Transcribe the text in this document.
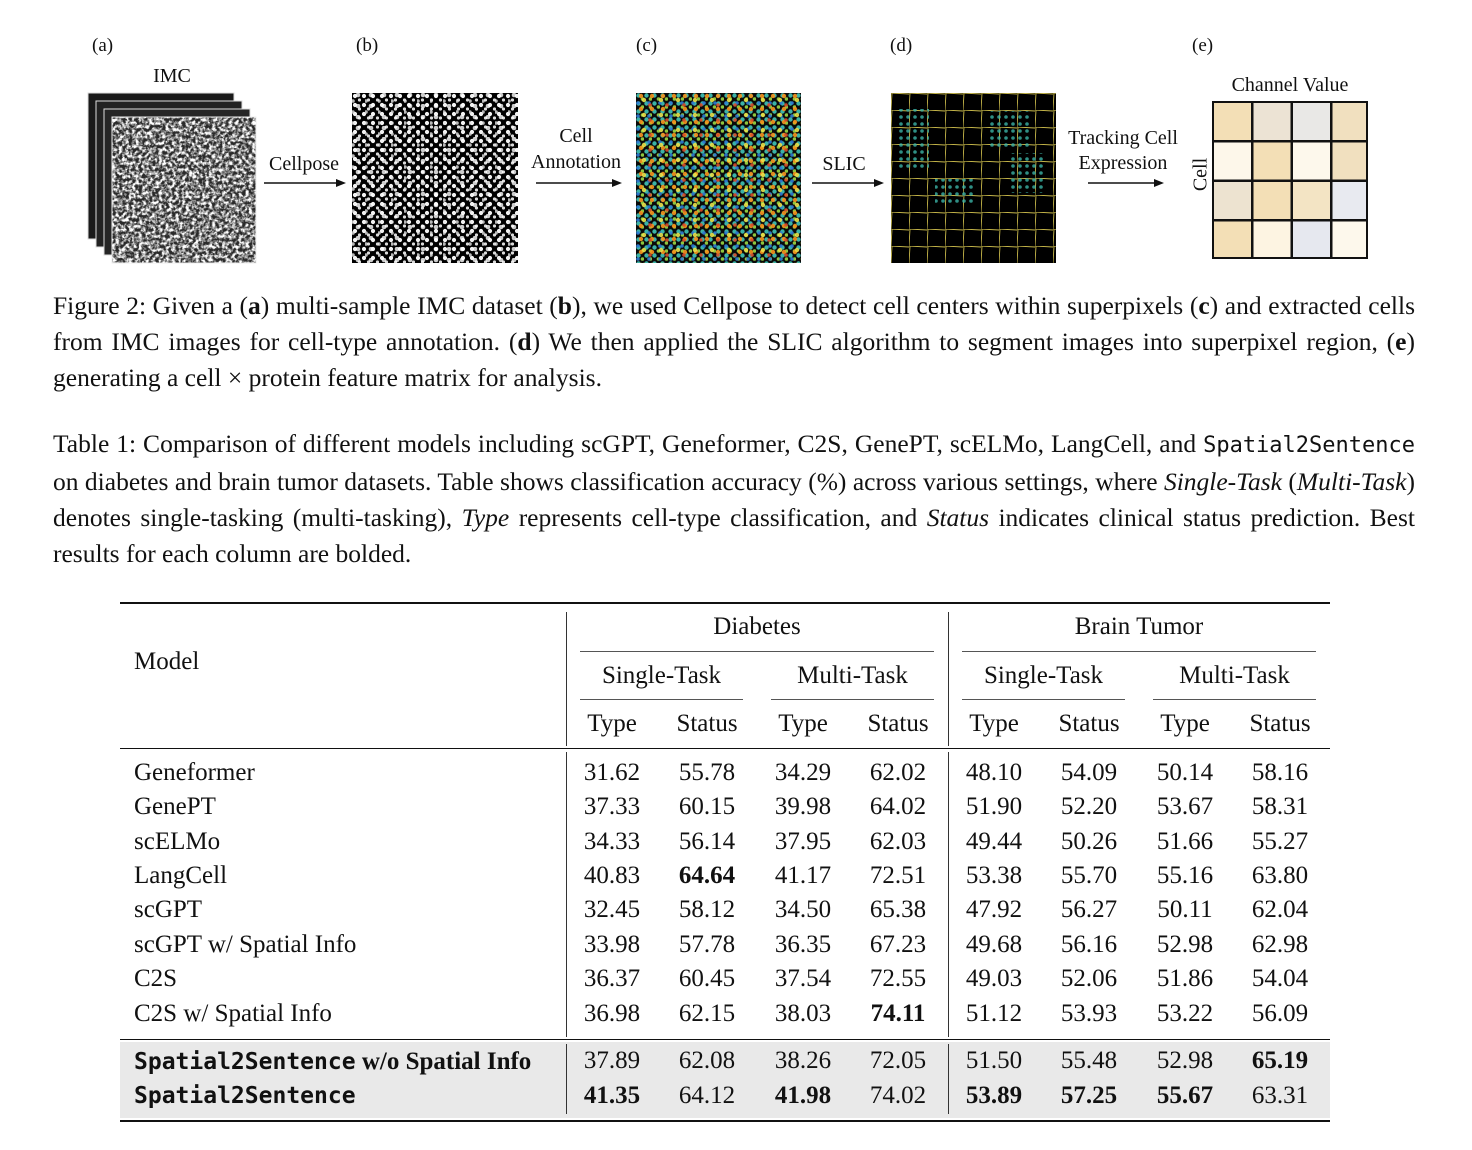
(a)	(b)	(c)	(d)	(e)
IMC
Cellpose
Cell
Annotation	SLIC
Tracking Cell
Expression
Channel Value
Cell
Figure 2: Given a (a) multi-sample IMC dataset (b), we used Cellpose to detect cell centers within superpixels (c) and extracted cells from IMC images for cell-type annotation. (d) We then applied the SLIC algorithm to segment images into superpixel region, (e) generating a cell × protein feature matrix for analysis.
Table 1: Comparison of different models including scGPT, Geneformer, C2S, GenePT, scELMo, LangCell, and Spatial2Sentence on diabetes and brain tumor datasets. Table shows classification accuracy (%) across various settings, where Single-Task (Multi-Task) denotes single-tasking (multi-tasking), Type represents cell-type classification, and Status indicates clinical status prediction. Best results for each column are bolded.
Model
Diabetes	Brain Tumor
Single-Task	Multi-Task	Single-Task	Multi-Task
Type	Status	Type	Status	Type	Status	Type	Status
Geneformer	31.62	55.78	34.29	62.02	48.10	54.09	50.14	58.16
GenePT	37.33	60.15	39.98	64.02	51.90	52.20	53.67	58.31
scELMo	34.33	56.14	37.95	62.03	49.44	50.26	51.66	55.27
LangCell	40.83	64.64	41.17	72.51	53.38	55.70	55.16	63.80
scGPT	32.45	58.12	34.50	65.38	47.92	56.27	50.11	62.04
scGPT w/ Spatial Info	33.98	57.78	36.35	67.23	49.68	56.16	52.98	62.98
C2S	36.37	60.45	37.54	72.55	49.03	52.06	51.86	54.04
C2S w/ Spatial Info	36.98	62.15	38.03	74.11	51.12	53.93	53.22	56.09
Spatial2Sentence w/o Spatial Info	37.89	62.08	38.26	72.05	51.50	55.48	52.98	65.19
Spatial2Sentence	41.35	64.12	41.98	74.02	53.89	57.25	55.67	63.31
